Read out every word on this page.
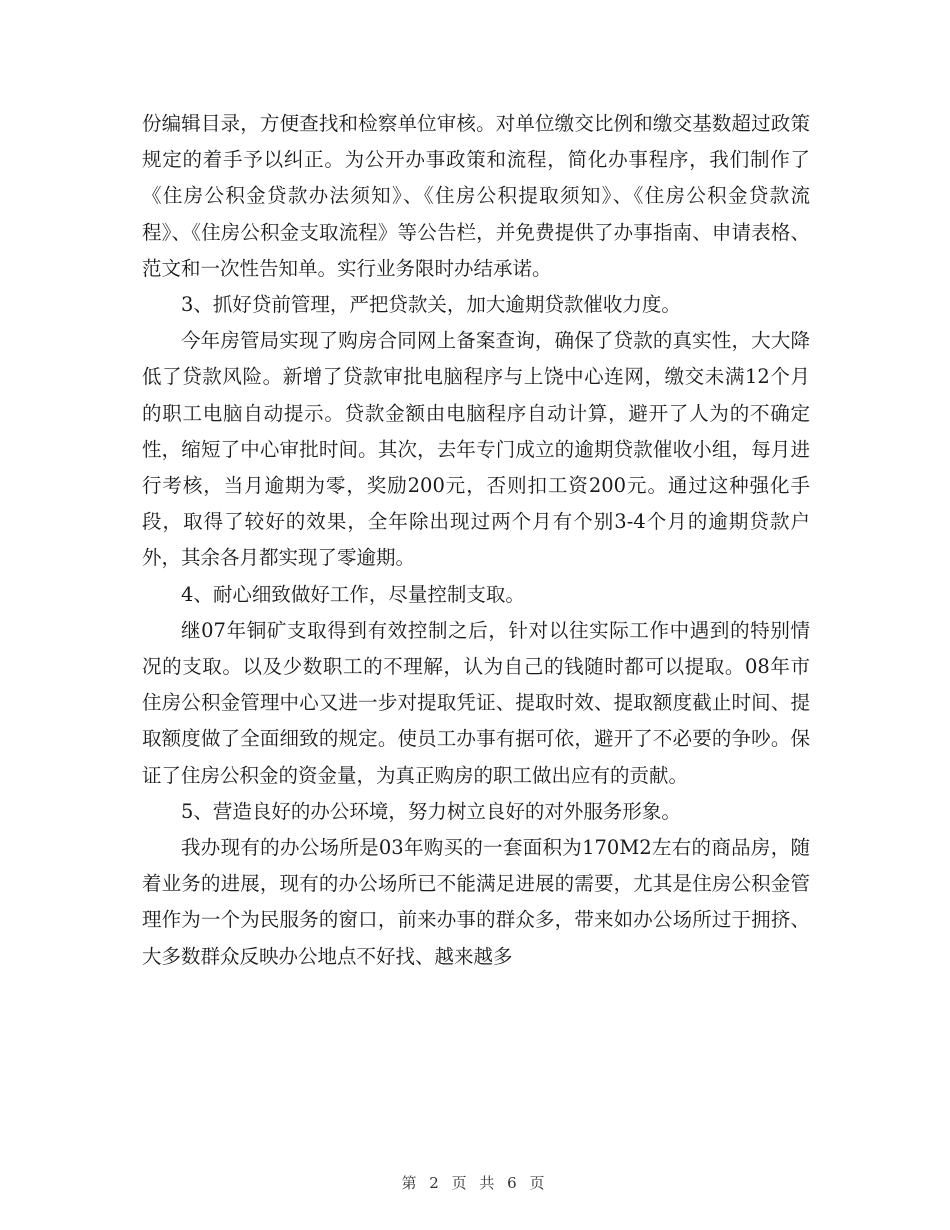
份编辑目录，方便查找和检察单位审核。对单位缴交比例和缴交基数超过政策规定的着手予以纠正。为公开办事政策和流程，简化办事程序，我们制作了《住房公积金贷款办法须知》、《住房公积提取须知》、《住房公积金贷款流程》、《住房公积金支取流程》等公告栏，并免费提供了办事指南、申请表格、范文和一次性告知单。实行业务限时办结承诺。

3、抓好贷前管理，严把贷款关，加大逾期贷款催收力度。

今年房管局实现了购房合同网上备案查询，确保了贷款的真实性，大大降低了贷款风险。新增了贷款审批电脑程序与上饶中心连网，缴交未满12个月的职工电脑自动提示。贷款金额由电脑程序自动计算，避开了人为的不确定性，缩短了中心审批时间。其次，去年专门成立的逾期贷款催收小组，每月进行考核，当月逾期为零，奖励200元，否则扣工资200元。通过这种强化手段，取得了较好的效果，全年除出现过两个月有个别3-4个月的逾期贷款户外，其余各月都实现了零逾期。

4、耐心细致做好工作，尽量控制支取。

继07年铜矿支取得到有效控制之后，针对以往实际工作中遇到的特别情况的支取。以及少数职工的不理解，认为自己的钱随时都可以提取。08年市住房公积金管理中心又进一步对提取凭证、提取时效、提取额度截止时间、提取额度做了全面细致的规定。使员工办事有据可依，避开了不必要的争吵。保证了住房公积金的资金量，为真正购房的职工做出应有的贡献。

5、营造良好的办公环境，努力树立良好的对外服务形象。

我办现有的办公场所是03年购买的一套面积为170M2左右的商品房，随着业务的进展，现有的办公场所已不能满足进展的需要，尤其是住房公积金管理作为一个为民服务的窗口，前来办事的群众多，带来如办公场所过于拥挤、大多数群众反映办公地点不好找、越来越多

第 2 页 共 6 页
